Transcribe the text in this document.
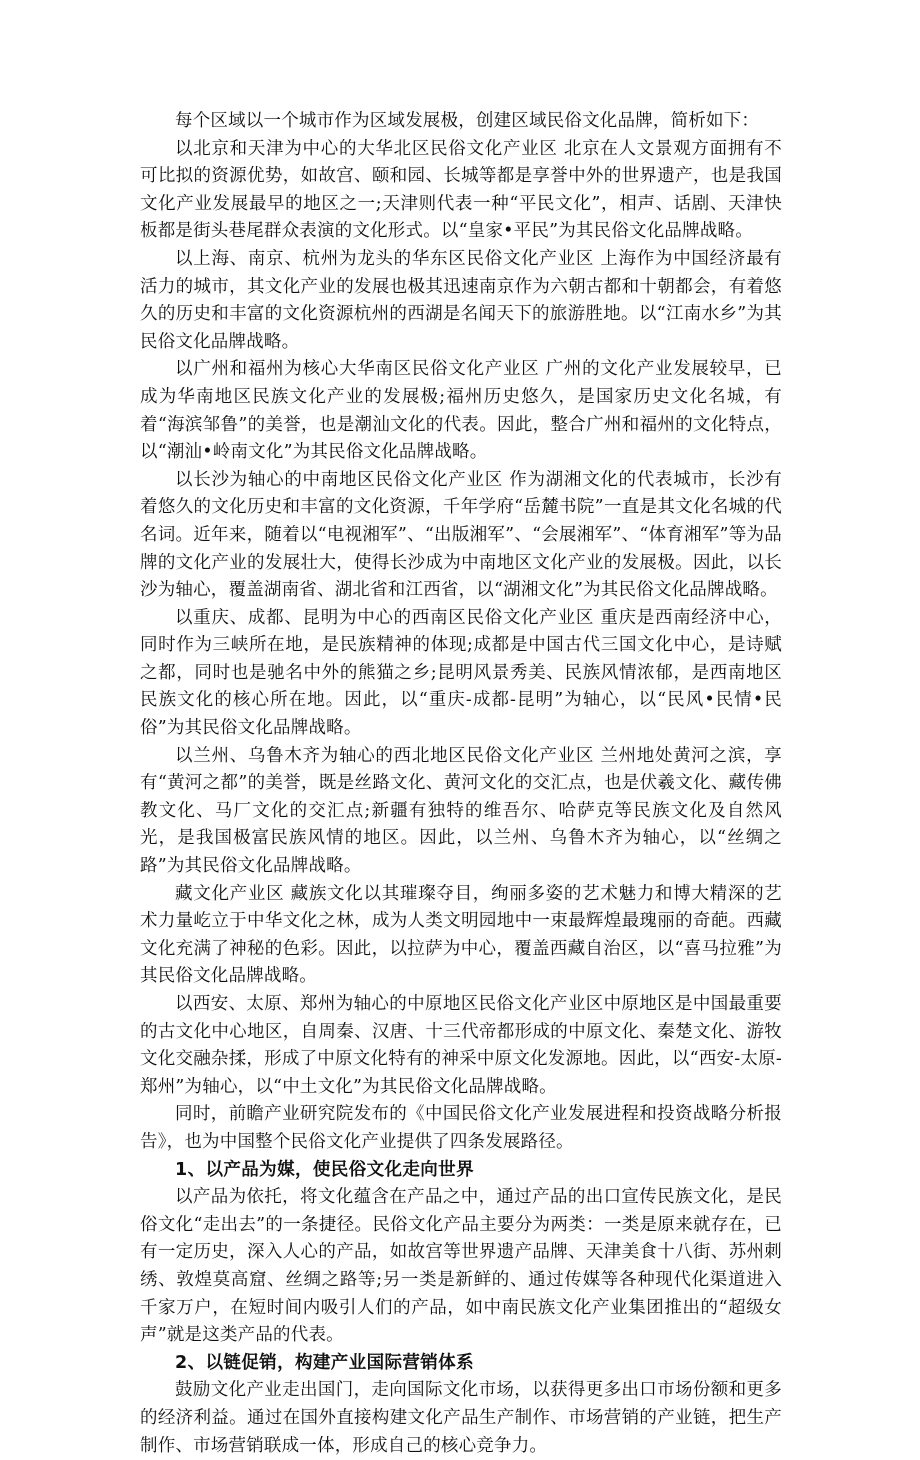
每个区域以一个城市作为区域发展极，创建区域民俗文化品牌，简析如下：

以北京和天津为中心的大华北区民俗文化产业区 北京在人文景观方面拥有不可比拟的资源优势，如故宫、颐和园、长城等都是享誉中外的世界遗产，也是我国文化产业发展最早的地区之一;天津则代表一种“平民文化”，相声、话剧、天津快板都是街头巷尾群众表演的文化形式。以“皇家•平民”为其民俗文化品牌战略。

以上海、南京、杭州为龙头的华东区民俗文化产业区 上海作为中国经济最有活力的城市，其文化产业的发展也极其迅速南京作为六朝古都和十朝都会，有着悠久的历史和丰富的文化资源杭州的西湖是名闻天下的旅游胜地。以“江南水乡”为其民俗文化品牌战略。

以广州和福州为核心大华南区民俗文化产业区 广州的文化产业发展较早，已成为华南地区民族文化产业的发展极;福州历史悠久，是国家历史文化名城，有着“海滨邹鲁”的美誉，也是潮汕文化的代表。因此，整合广州和福州的文化特点，以“潮汕•岭南文化”为其民俗文化品牌战略。

以长沙为轴心的中南地区民俗文化产业区 作为湖湘文化的代表城市，长沙有着悠久的文化历史和丰富的文化资源，千年学府“岳麓书院”一直是其文化名城的代名词。近年来，随着以“电视湘军”、“出版湘军”、“会展湘军”、“体育湘军”等为品牌的文化产业的发展壮大，使得长沙成为中南地区文化产业的发展极。因此，以长沙为轴心，覆盖湖南省、湖北省和江西省，以“湖湘文化”为其民俗文化品牌战略。

以重庆、成都、昆明为中心的西南区民俗文化产业区 重庆是西南经济中心，同时作为三峡所在地，是民族精神的体现;成都是中国古代三国文化中心，是诗赋之都，同时也是驰名中外的熊猫之乡;昆明风景秀美、民族风情浓郁，是西南地区民族文化的核心所在地。因此，以“重庆-成都-昆明”为轴心，以“民风•民情•民俗”为其民俗文化品牌战略。

以兰州、乌鲁木齐为轴心的西北地区民俗文化产业区 兰州地处黄河之滨，享有“黄河之都”的美誉，既是丝路文化、黄河文化的交汇点，也是伏羲文化、藏传佛教文化、马厂文化的交汇点;新疆有独特的维吾尔、哈萨克等民族文化及自然风光，是我国极富民族风情的地区。因此，以兰州、乌鲁木齐为轴心，以“丝绸之路”为其民俗文化品牌战略。

藏文化产业区 藏族文化以其璀璨夺目，绚丽多姿的艺术魅力和博大精深的艺术力量屹立于中华文化之林，成为人类文明园地中一束最辉煌最瑰丽的奇葩。西藏文化充满了神秘的色彩。因此，以拉萨为中心，覆盖西藏自治区，以“喜马拉雅”为其民俗文化品牌战略。

以西安、太原、郑州为轴心的中原地区民俗文化产业区中原地区是中国最重要的古文化中心地区，自周秦、汉唐、十三代帝都形成的中原文化、秦楚文化、游牧文化交融杂揉，形成了中原文化特有的神采中原文化发源地。因此，以“西安-太原-郑州”为轴心，以“中土文化”为其民俗文化品牌战略。

同时，前瞻产业研究院发布的《中国民俗文化产业发展进程和投资战略分析报告》，也为中国整个民俗文化产业提供了四条发展路径。

1、以产品为媒，使民俗文化走向世界

以产品为依托，将文化蕴含在产品之中，通过产品的出口宣传民族文化，是民俗文化“走出去”的一条捷径。民俗文化产品主要分为两类：一类是原来就存在，已有一定历史，深入人心的产品，如故宫等世界遗产品牌、天津美食十八街、苏州刺绣、敦煌莫高窟、丝绸之路等;另一类是新鲜的、通过传媒等各种现代化渠道进入千家万户，在短时间内吸引人们的产品，如中南民族文化产业集团推出的“超级女声”就是这类产品的代表。

2、以链促销，构建产业国际营销体系

鼓励文化产业走出国门，走向国际文化市场，以获得更多出口市场份额和更多的经济利益。通过在国外直接构建文化产品生产制作、市场营销的产业链，把生产制作、市场营销联成一体，形成自己的核心竞争力。
